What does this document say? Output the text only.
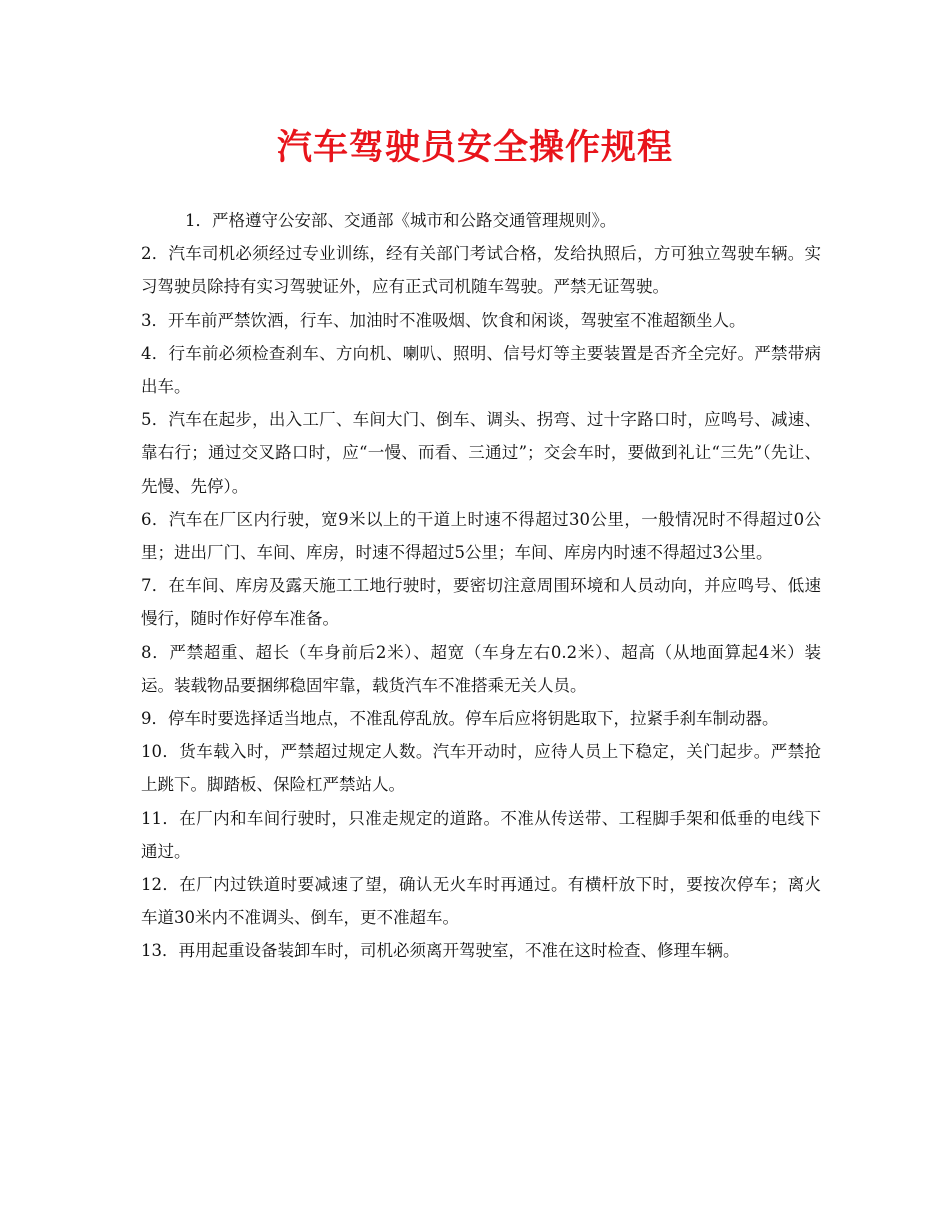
汽车驾驶员安全操作规程

1．严格遵守公安部、交通部《城市和公路交通管理规则》。

2．汽车司机必须经过专业训练，经有关部门考试合格，发给执照后，方可独立驾驶车辆。实习驾驶员除持有实习驾驶证外，应有正式司机随车驾驶。严禁无证驾驶。

3．开车前严禁饮酒，行车、加油时不准吸烟、饮食和闲谈，驾驶室不准超额坐人。

4．行车前必须检查刹车、方向机、喇叭、照明、信号灯等主要装置是否齐全完好。严禁带病出车。

5．汽车在起步，出入工厂、车间大门、倒车、调头、拐弯、过十字路口时，应鸣号、减速、靠右行；通过交叉路口时，应“一慢、而看、三通过”；交会车时，要做到礼让“三先”（先让、先慢、先停）。

6．汽车在厂区内行驶，宽9米以上的干道上时速不得超过30公里，一般情况时不得超过0公里；进出厂门、车间、库房，时速不得超过5公里；车间、库房内时速不得超过3公里。

7．在车间、库房及露天施工工地行驶时，要密切注意周围环境和人员动向，并应鸣号、低速慢行，随时作好停车准备。

8．严禁超重、超长（车身前后2米）、超宽（车身左右0.2米）、超高（从地面算起4米）装运。装载物品要捆绑稳固牢靠，载货汽车不准搭乘无关人员。

9．停车时要选择适当地点，不准乱停乱放。停车后应将钥匙取下，拉紧手刹车制动器。

10．货车载入时，严禁超过规定人数。汽车开动时，应待人员上下稳定，关门起步。严禁抢上跳下。脚踏板、保险杠严禁站人。

11．在厂内和车间行驶时，只准走规定的道路。不准从传送带、工程脚手架和低垂的电线下通过。

12．在厂内过铁道时要减速了望，确认无火车时再通过。有横杆放下时，要按次停车；离火车道30米内不准调头、倒车，更不准超车。

13．再用起重设备装卸车时，司机必须离开驾驶室，不准在这时检查、修理车辆。
